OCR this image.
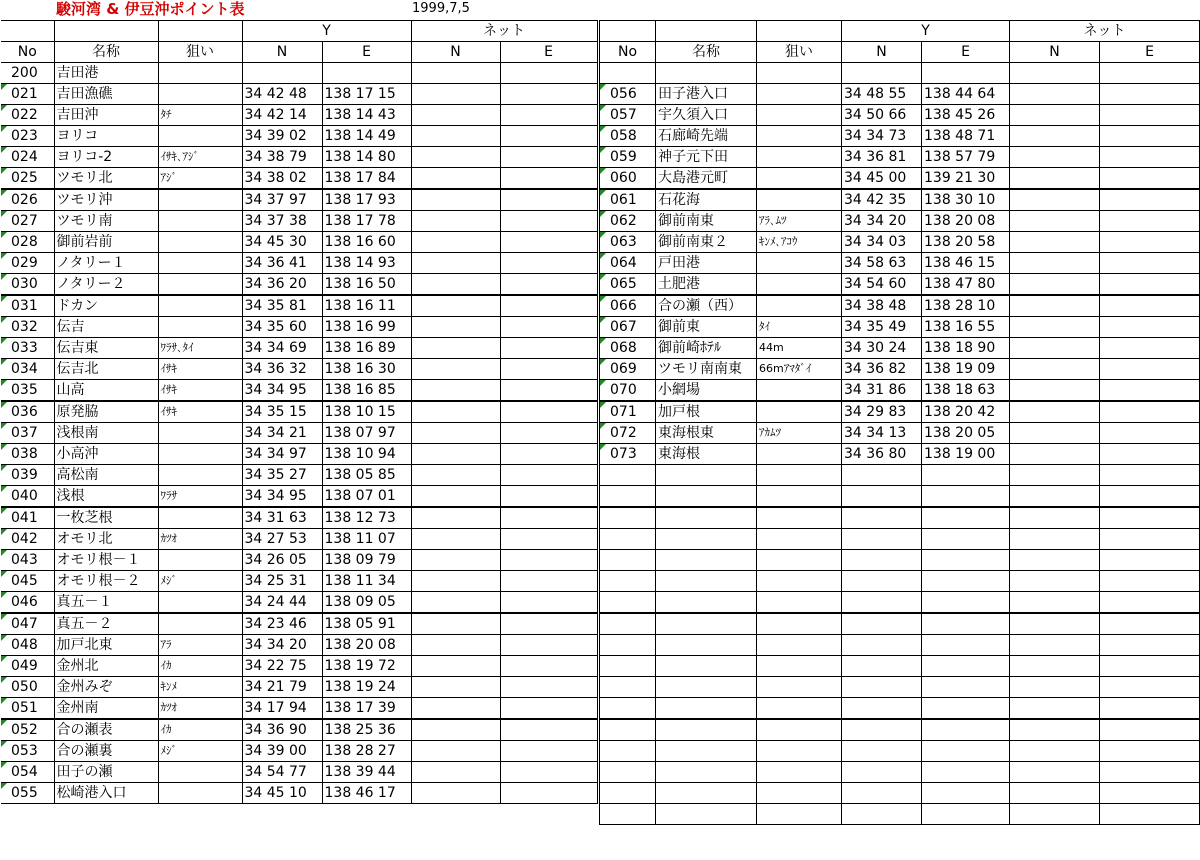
駿河湾 & 伊豆沖ポイント表	1999,7,5
			Y		ネット	
No	名称	狙い	N	E	N	E
200	吉田港					
021	吉田漁礁		34 42 48	138 17 15		
022	吉田沖	ﾀﾁ	34 42 14	138 14 43		
023	ヨリコ		34 39 02	138 14 49		
024	ヨリコ-2	ｲｻｷ､ｱｼﾞ	34 38 79	138 14 80		
025	ツモリ北	ｱｼﾞ	34 38 02	138 17 84		
026	ツモリ沖		34 37 97	138 17 93		
027	ツモリ南		34 37 38	138 17 78		
028	御前岩前		34 45 30	138 16 60		
029	ノタリー１		34 36 41	138 14 93		
030	ノタリー２		34 36 20	138 16 50		
031	ドカン		34 35 81	138 16 11		
032	伝吉		34 35 60	138 16 99		
033	伝吉東	ﾜﾗｻ､ﾀｲ	34 34 69	138 16 89		
034	伝吉北	ｲｻｷ	34 36 32	138 16 30		
035	山高	ｲｻｷ	34 34 95	138 16 85		
036	原発脇	ｲｻｷ	34 35 15	138 10 15		
037	浅根南		34 34 21	138 07 97		
038	小高沖		34 34 97	138 10 94		
039	高松南		34 35 27	138 05 85		
040	浅根	ﾜﾗｻ	34 34 95	138 07 01		
041	一枚芝根		34 31 63	138 12 73		
042	オモリ北	ｶﾂｵ	34 27 53	138 11 07		
043	オモリ根－１		34 26 05	138 09 79		
045	オモリ根－２	ﾒｼﾞ	34 25 31	138 11 34		
046	真五－１		34 24 44	138 09 05		
047	真五－２		34 23 46	138 05 91		
048	加戸北東	ｱﾗ	34 34 20	138 20 08		
049	金州北	ｲｶ	34 22 75	138 19 72		
050	金州みぞ	ｷﾝﾒ	34 21 79	138 19 24		
051	金州南	ｶﾂｵ	34 17 94	138 17 39		
052	合の瀬表	ｲｶ	34 36 90	138 25 36		
053	合の瀬裏	ﾒｼﾞ	34 39 00	138 28 27		
054	田子の瀬		34 54 77	138 39 44		
055	松崎港入口		34 45 10	138 46 17		
			Y		ネット	
No	名称	狙い	N	E	N	E

056	田子港入口		34 48 55	138 44 64		
057	宇久須入口		34 50 66	138 45 26		
058	石廊崎先端		34 34 73	138 48 71		
059	神子元下田		34 36 81	138 57 79		
060	大島港元町		34 45 00	139 21 30		
061	石花海		34 42 35	138 30 10		
062	御前南東	ｱﾗ､ﾑﾂ	34 34 20	138 20 08		
063	御前南東２	ｷﾝﾒ､ｱｺｳ	34 34 03	138 20 58		
064	戸田港		34 58 63	138 46 15		
065	土肥港		34 54 60	138 47 80		
066	合の瀬（西）		34 38 48	138 28 10		
067	御前東	ﾀｲ	34 35 49	138 16 55		
068	御前崎ﾎﾃﾙ	44m	34 30 24	138 18 90		
069	ツモリ南南東	66mｱﾏﾀﾞｲ	34 36 82	138 19 09		
070	小網場		34 31 86	138 18 63		
071	加戸根		34 29 83	138 20 42		
072	東海根東	ｱｶﾑﾂ	34 34 13	138 20 05		
073	東海根		34 36 80	138 19 00		
